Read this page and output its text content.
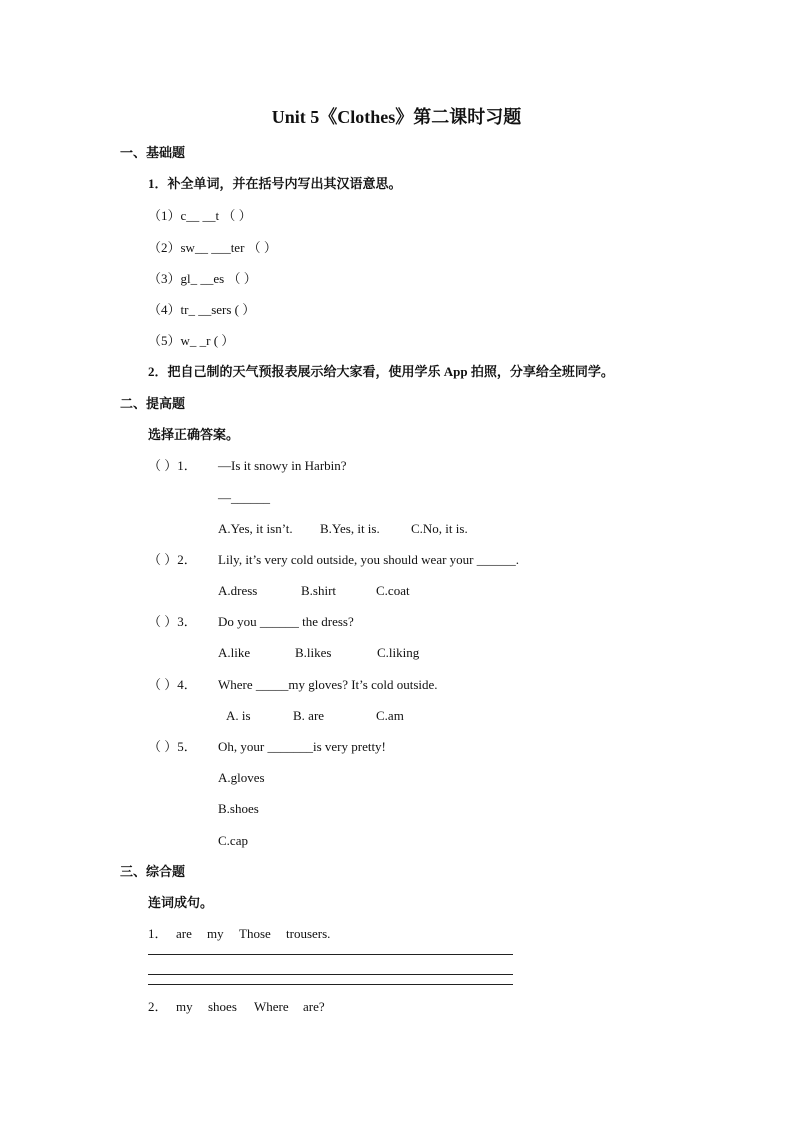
Unit 5《Clothes》第二课时习题
一、基础题
1．补全单词，并在括号内写出其汉语意思。
（1）c__ __t （ ）
（2）sw__ ___ter （ ）
（3）gl_ __es （ ）
（4）tr_ __sers ( ）
（5）w_ _r ( ）
2．把自己制的天气预报表展示给大家看，使用学乐 App 拍照，分享给全班同学。
二、提高题
选择正确答案。
（ ）1． —Is it snowy in Harbin?
—______
A.Yes, it isn’t. B.Yes, it is. C.No, it is.
（ ）2． Lily, it’s very cold outside, you should wear your ______.
A.dress	B.shirt	C.coat
（ ）3． Do you ______ the dress?
A.like	B.likes	C.liking
（ ）4． Where _____my gloves? It’s cold outside.
A. is	B. are	C.am
（ ）5． Oh, your _______is very pretty!
A.gloves
B.shoes
C.cap
三、综合题
连词成句。
1． are my Those trousers.
2． my shoes Where are?
